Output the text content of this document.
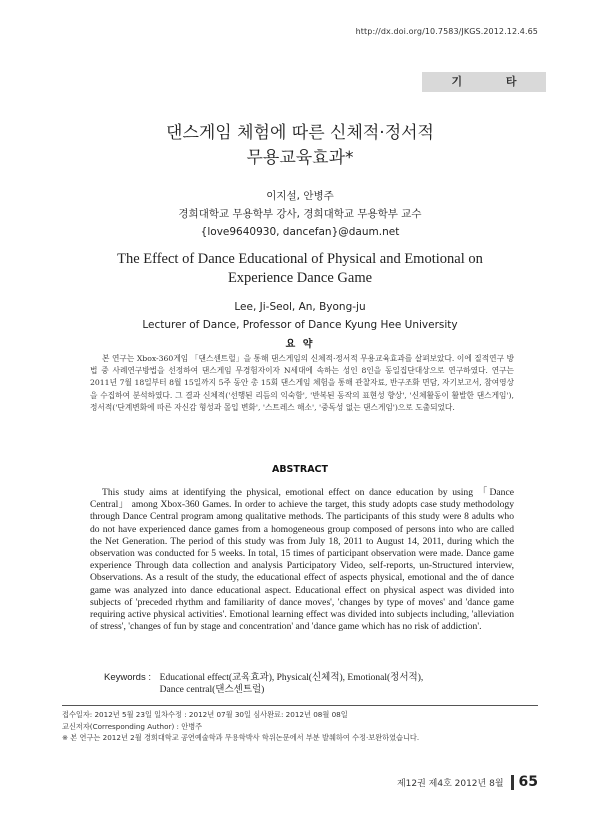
http://dx.doi.org/10.7583/JKGS.2012.12.4.65
기 타
댄스게임 체험에 따른 신체적·정서적
무용교육효과*
이지설, 안병주
경희대학교 무용학부 강사, 경희대학교 무용학부 교수
{love9640930, dancefan}@daum.net
The Effect of Dance Educational of Physical and Emotional on
Experience Dance Game
Lee, Ji-Seol, An, Byong-ju
Lecturer of Dance, Professor of Dance Kyung Hee University
요 약

본 연구는 Xbox-360게임 「댄스센트럴」을 통해 댄스게임의 신체적·정서적 무용교육효과를 살펴보았다. 이에 질적연구 방법 중 사례연구방법을 선정하여 댄스게임 무경험자이자 N세대에 속하는 성인 8인을 동일집단대상으로 연구하였다. 연구는 2011년 7월 18일부터 8월 15일까지 5주 동안 총 15회 댄스게임 체험을 통해 관찰자료, 반구조화 면담, 자기보고서, 참여영상을 수집하여 분석하였다. 그 결과 신체적('선행된 리듬의 익숙함', '반복된 동작의 표현성 향상', '신체활동이 활발한 댄스게임'), 정서적('단계변화에 따른 자신감 형성과 몰입 변화', '스트레스 해소', '중독성 없는 댄스게임')으로 도출되었다.

ABSTRACT

This study aims at identifying the physical, emotional effect on dance education by using 「Dance Central」 among Xbox-360 Games. In order to achieve the target, this study adopts case study methodology through Dance Central program among qualitative methods. The participants of this study were 8 adults who do not have experienced dance games from a homogeneous group composed of persons into who are called the Net Generation. The period of this study was from July 18, 2011 to August 14, 2011, during which the observation was conducted for 5 weeks. In total, 15 times of participant observation were made. Dance game experience Through data collection and analysis Participatory Video, self-reports, un-Structured interview, Observations. As a result of the study, the educational effect of aspects physical, emotional and the of dance game was analyzed into dance educational aspect. Educational effect on physical aspect was divided into subjects of 'preceded rhythm and familiarity of dance moves', 'changes by type of moves' and 'dance game requiring active physical activities'. Emotional learning effect was divided into subjects including, 'alleviation of stress', 'changes of fun by stage and concentration' and 'dance game which has no risk of addiction'.

Keywords : Educational effect(교육효과), Physical(신체적), Emotional(정서적),
Dance central(댄스센트럴)
접수일자: 2012년 5월 23일 일차수정 : 2012년 07월 30일 심사완료: 2012년 08월 08일
교신저자(Corresponding Author) : 안병주
※ 본 연구는 2012년 2월 경희대학교 공연예술학과 무용학박사 학위논문에서 부분 발췌하여 수정·보완하였습니다.
제12권 제4호 2012년 8월 65
